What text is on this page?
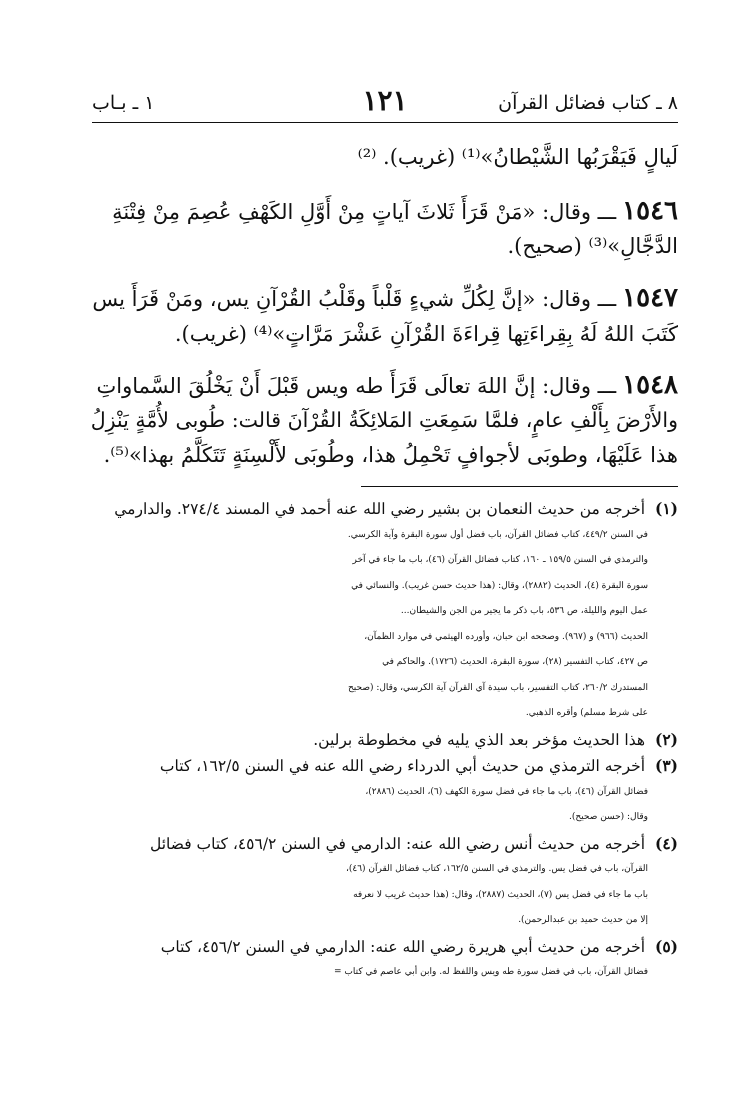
٨ ـ كتاب فضائل القرآن
١٢١
١ ـ بـاب
لَيالٍ فَيَقْرَبُها الشَّيْطانُ»⁽¹⁾ (غريب). ⁽²⁾
١٥٤٦ـــ وقال: «مَنْ قَرَأَ ثَلاثَ آياتٍ مِنْ أَوَّلِ الكَهْفِ عُصِمَ مِنْ فِتْنَةِ
الدَّجَّالِ»⁽³⁾ (صحيح).
١٥٤٧ـــ وقال: «إنَّ لِكُلِّ شيءٍ قَلْباً وقَلْبُ القُرْآنِ يس، ومَنْ قَرَأَ يس
كَتَبَ اللهُ لَهُ بِقِراءَتِها قِراءَةَ القُرْآنِ عَشْرَ مَرَّاتٍ»⁽⁴⁾ (غريب).
١٥٤٨ـــ وقال: إنَّ اللهَ تعالَى قَرَأَ طه ويس قَبْلَ أَنْ يَخْلُقَ السَّماواتِ
والأَرْضَ بِأَلْفِ عامٍ، فلمَّا سَمِعَتِ المَلائِكَةُ القُرْآنَ قالت: طُوبى لأُمَّةٍ يَنْزِلُ
هذا عَلَيْهَا، وطوبَى لأجوافٍ تَحْمِلُ هذا، وطُوبَى لأَلْسِنَةٍ تَتَكَلَّمُ بهذا»⁽⁵⁾.
(١) أخرجه من حديث النعمان بن بشير رضي الله عنه أحمد في المسند ٢٧٤/٤. والدارمي
في السنن ٤٤٩/٢، كتاب فضائل القرآن، باب فضل أول سورة البقرة وآية الكرسي.
والترمذي في السنن ١٥٩/٥ ـ ١٦٠، كتاب فضائل القرآن (٤٦)، باب ما جاء في آخر
سورة البقرة (٤)، الحديث (٢٨٨٢)، وقال: (هذا حديث حسن غريب). والنسائي في
عمل اليوم والليلة، ص ٥٣٦، باب ذكر ما يجير من الجن والشيطان...
الحديث (٩٦٦) و (٩٦٧). وصححه ابن حبان، وأورده الهيثمي في موارد الظمآن،
ص ٤٢٧، كتاب التفسير (٢٨)، سورة البقرة، الحديث (١٧٢٦). والحاكم في
المستدرك ٢٦٠/٢، كتاب التفسير، باب سيدة آي القرآن آية الكرسي، وقال: (صحيح
على شرط مسلم) وأقره الذهبي.
(٢) هذا الحديث مؤخر بعد الذي يليه في مخطوطة برلين.
(٣) أخرجه الترمذي من حديث أبي الدرداء رضي الله عنه في السنن ١٦٢/٥، كتاب
فضائل القرآن (٤٦)، باب ما جاء في فضل سورة الكهف (٦)، الحديث (٢٨٨٦)،
وقال: (حسن صحيح).
(٤) أخرجه من حديث أنس رضي الله عنه: الدارمي في السنن ٤٥٦/٢، كتاب فضائل
القرآن، باب في فضل يس. والترمذي في السنن ١٦٢/٥، كتاب فضائل القرآن (٤٦)،
باب ما جاء في فضل يس (٧)، الحديث (٢٨٨٧)، وقال: (هذا حديث غريب لا نعرفه
إلا من حديث حميد بن عبدالرحمن).
(٥) أخرجه من حديث أبي هريرة رضي الله عنه: الدارمي في السنن ٤٥٦/٢، كتاب
فضائل القرآن، باب في فضل سورة طه ويس واللفظ له. وابن أبي عاصم في كتاب =
